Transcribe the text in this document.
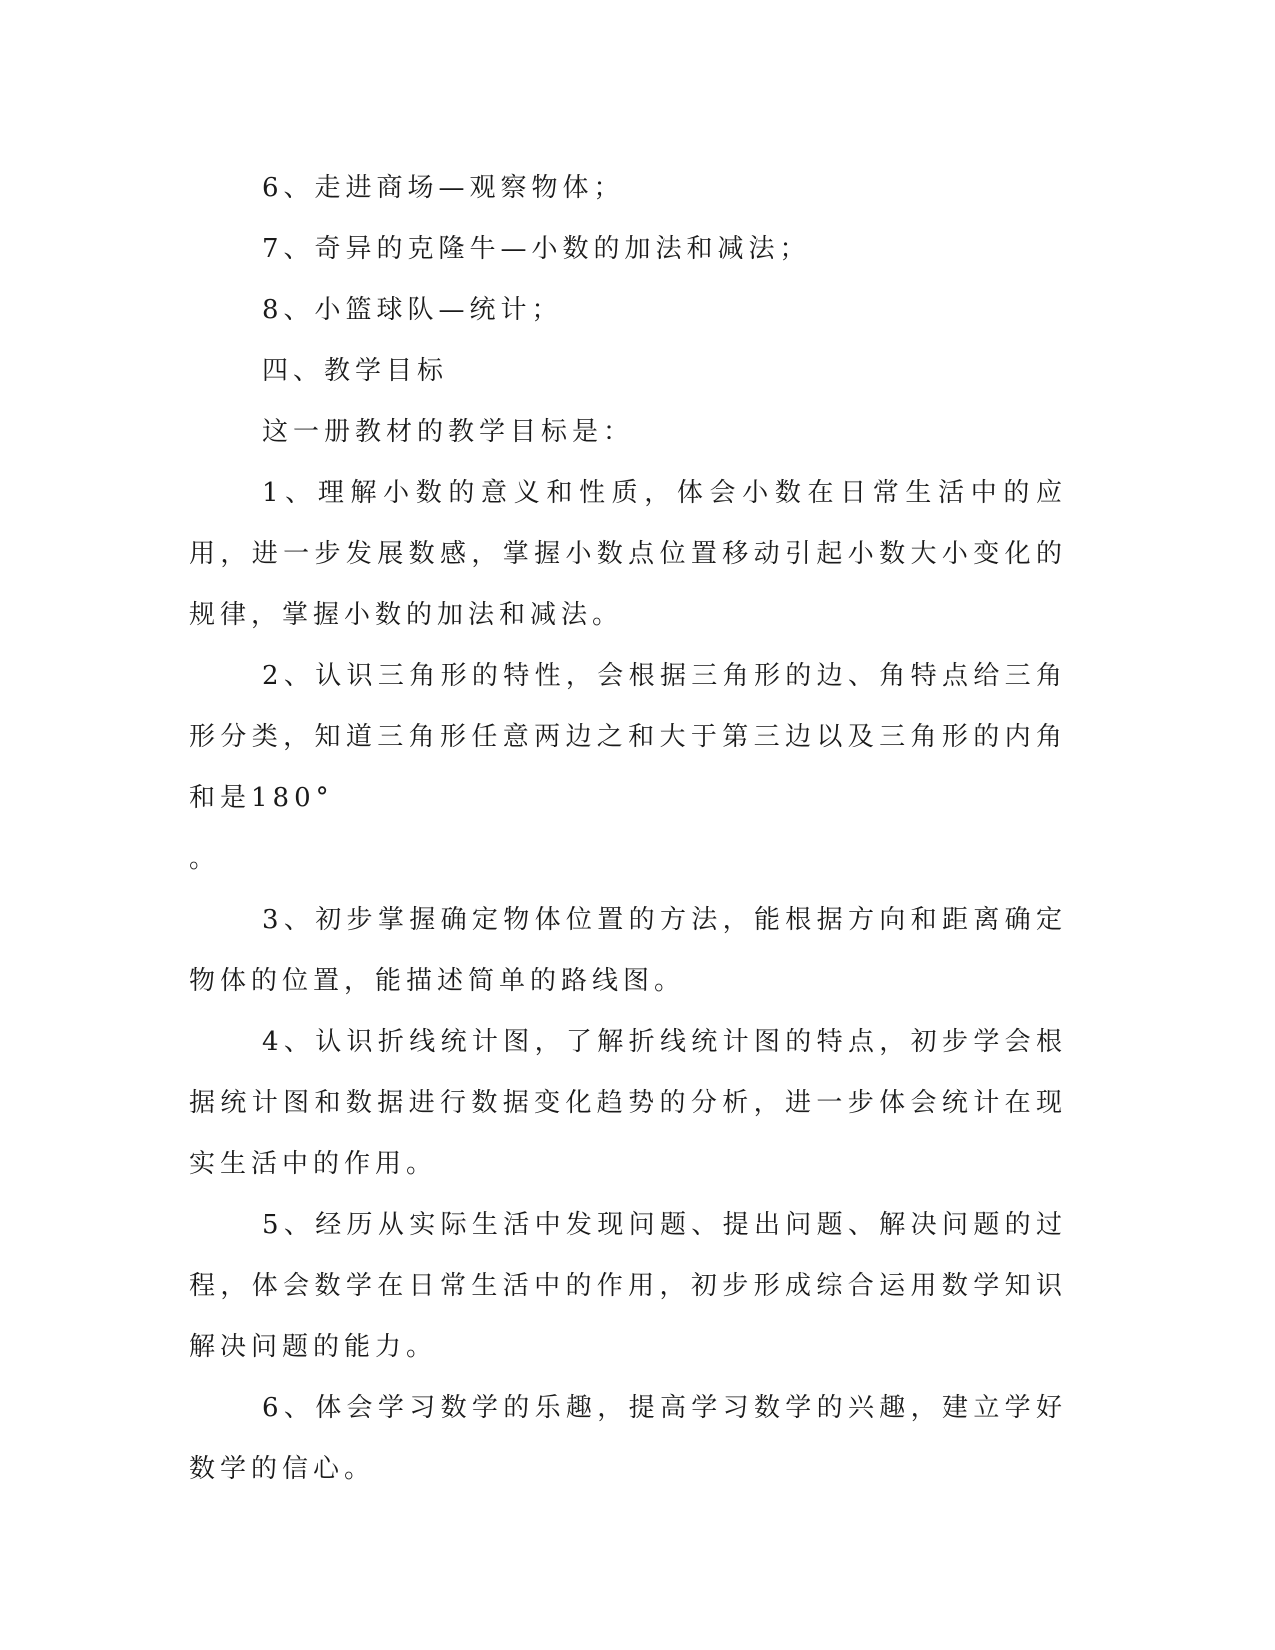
6、走进商场—观察物体；

7、奇异的克隆牛—小数的加法和减法；

8、小篮球队—统计；

四、教学目标

这一册教材的教学目标是：

1、理解小数的意义和性质，体会小数在日常生活中的应用，进一步发展数感，掌握小数点位置移动引起小数大小变化的规律，掌握小数的加法和减法。

2、认识三角形的特性，会根据三角形的边、角特点给三角形分类，知道三角形任意两边之和大于第三边以及三角形的内角和是180°

。

3、初步掌握确定物体位置的方法，能根据方向和距离确定物体的位置，能描述简单的路线图。

4、认识折线统计图，了解折线统计图的特点，初步学会根据统计图和数据进行数据变化趋势的分析，进一步体会统计在现实生活中的作用。

5、经历从实际生活中发现问题、提出问题、解决问题的过程，体会数学在日常生活中的作用，初步形成综合运用数学知识解决问题的能力。

6、体会学习数学的乐趣，提高学习数学的兴趣，建立学好数学的信心。
